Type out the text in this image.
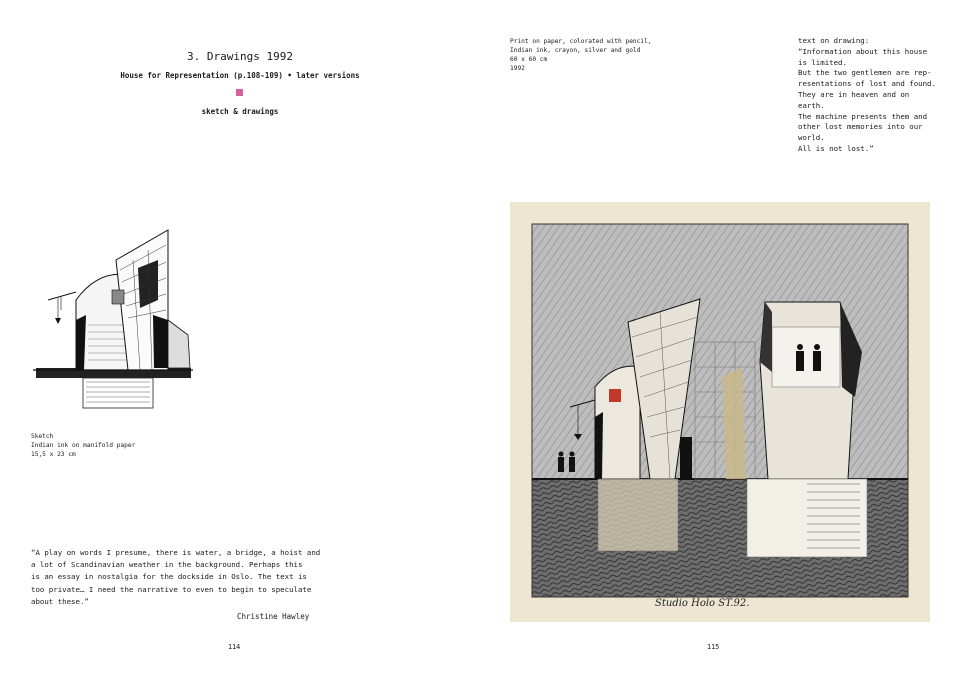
3. Drawings 1992
House for Representation (p.108-109) • later versions
sketch & drawings
Sketch
Indian ink on manifold paper
15,5 x 23 cm
“A play on words I presume, there is water, a bridge, a hoist and
a lot of Scandinavian weather in the background. Perhaps this
is an essay in nostalgia for the dockside in Oslo. The text is
too private… I need the narrative to even to begin to speculate
about these.”
Christine Hawley
114
Print on paper, colorated with pencil,
Indian ink, crayon, silver and gold
60 x 60 cm
1992
text on drawing:
“Information about this house
is limited.
But the two gentlemen are rep-
resentations of lost and found.
They are in heaven and on
earth.
The machine presents them and
other lost memories into our
world.
All is not lost.”
Studio Holo ST.92.
115
